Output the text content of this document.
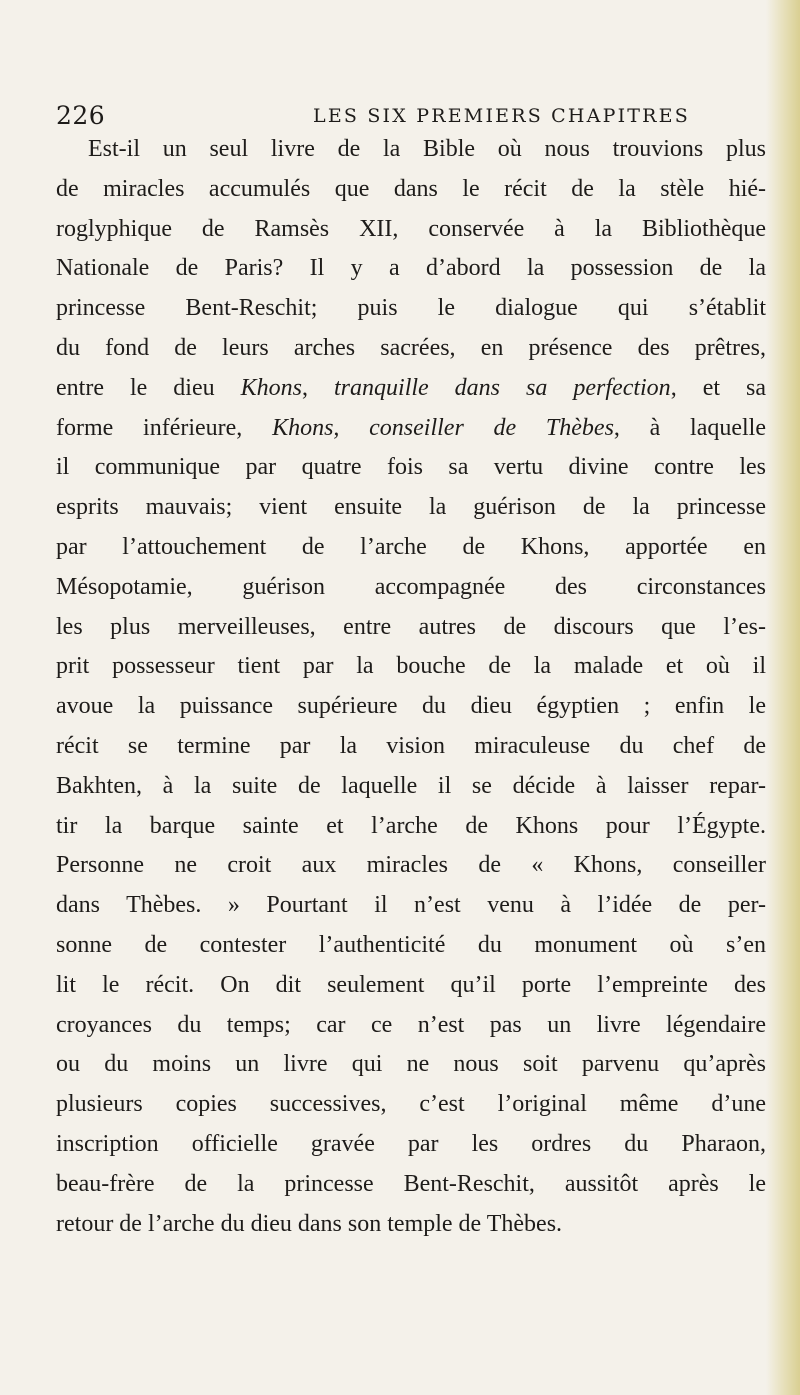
226	LES SIX PREMIERS CHAPITRES
Est-il un seul livre de la Bible où nous trouvions plus
de miracles accumulés que dans le récit de la stèle hié-
roglyphique de Ramsès XII, conservée à la Bibliothèque
Nationale de Paris? Il y a d’abord la possession de la
princesse Bent-Reschit; puis le dialogue qui s’établit
du fond de leurs arches sacrées, en présence des prêtres,
entre le dieu Khons, tranquille dans sa perfection, et sa
forme inférieure, Khons, conseiller de Thèbes, à laquelle
il communique par quatre fois sa vertu divine contre les
esprits mauvais; vient ensuite la guérison de la princesse
par l’attouchement de l’arche de Khons, apportée en
Mésopotamie, guérison accompagnée des circonstances
les plus merveilleuses, entre autres de discours que l’es-
prit possesseur tient par la bouche de la malade et où il
avoue la puissance supérieure du dieu égyptien ; enfin le
récit se termine par la vision miraculeuse du chef de
Bakhten, à la suite de laquelle il se décide à laisser repar-
tir la barque sainte et l’arche de Khons pour l’Égypte.
Personne ne croit aux miracles de « Khons, conseiller
dans Thèbes. » Pourtant il n’est venu à l’idée de per-
sonne de contester l’authenticité du monument où s’en
lit le récit. On dit seulement qu’il porte l’empreinte des
croyances du temps; car ce n’est pas un livre légendaire
ou du moins un livre qui ne nous soit parvenu qu’après
plusieurs copies successives, c’est l’original même d’une
inscription officielle gravée par les ordres du Pharaon,
beau-frère de la princesse Bent-Reschit, aussitôt après le
retour de l’arche du dieu dans son temple de Thèbes.
